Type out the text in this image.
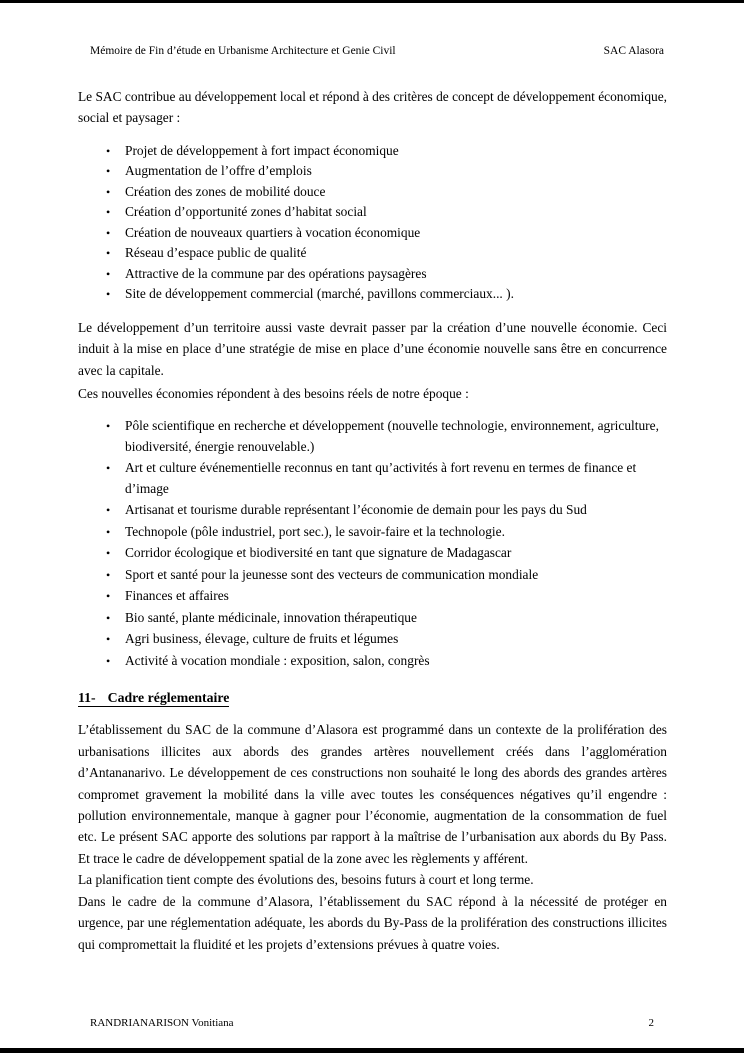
Mémoire de Fin d’étude en Urbanisme Architecture et Genie Civil	SAC Alasora

Le SAC contribue au développement local et répond à des critères de concept de développement économique, social et paysager :

• Projet de développement à fort impact économique
• Augmentation de l’offre d’emplois
• Création des zones de mobilité douce
• Création d’opportunité zones d’habitat social
• Création de nouveaux quartiers à vocation économique
• Réseau d’espace public de qualité
• Attractive de la commune par des opérations paysagères
• Site de développement commercial (marché, pavillons commerciaux... ).

Le développement d’un territoire aussi vaste devrait passer par la création d’une nouvelle économie. Ceci induit à la mise en place d’une stratégie de mise en place d’une économie nouvelle sans être en concurrence avec la capitale.

Ces nouvelles économies répondent à des besoins réels de notre époque :

• Pôle scientifique en recherche et développement (nouvelle technologie, environnement, agriculture, biodiversité, énergie renouvelable.)
• Art et culture événementielle reconnus en tant qu’activités à fort revenu en termes de finance et d’image
• Artisanat et tourisme durable représentant l’économie de demain pour les pays du Sud
• Technopole (pôle industriel, port sec.), le savoir-faire et la technologie.
• Corridor écologique et biodiversité en tant que signature de Madagascar
• Sport et santé pour la jeunesse sont des vecteurs de communication mondiale
• Finances et affaires
• Bio santé, plante médicinale, innovation thérapeutique
• Agri business, élevage, culture de fruits et légumes
• Activité à vocation mondiale : exposition, salon, congrès
11- Cadre réglementaire

L’établissement du SAC de la commune d’Alasora est programmé dans un contexte de la prolifération des urbanisations illicites aux abords des grandes artères nouvellement créés dans l’agglomération d’Antananarivo. Le développement de ces constructions non souhaité le long des abords des grandes artères compromet gravement la mobilité dans la ville avec toutes les conséquences négatives qu’il engendre : pollution environnementale, manque à gagner pour l’économie, augmentation de la consommation de fuel etc. Le présent SAC apporte des solutions par rapport à la maîtrise de l’urbanisation aux abords du By Pass. Et trace le cadre de développement spatial de la zone avec les règlements y afférent.

La planification tient compte des évolutions des, besoins futurs à court et long terme.

Dans le cadre de la commune d’Alasora, l’établissement du SAC répond à la nécessité de protéger en urgence, par une réglementation adéquate, les abords du By-Pass de la prolifération des constructions illicites qui compromettait la fluidité et les projets d’extensions prévues à quatre voies.

RANDRIANARISON Vonitiana	2
